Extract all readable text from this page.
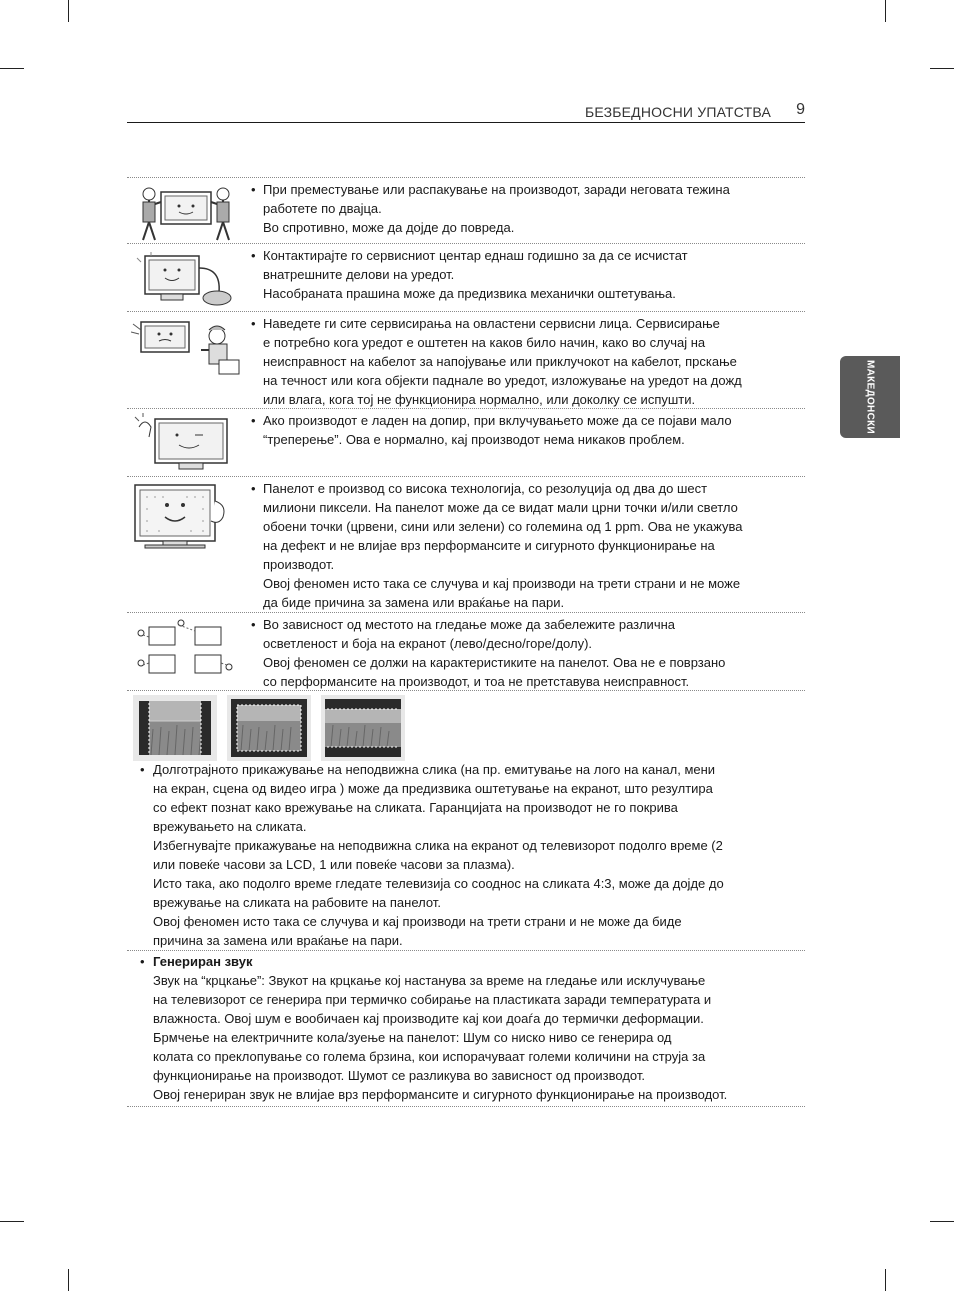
БЕЗБЕДНОСНИ УПАТСТВА 9
МАКЕДОНСКИ
• При преместување или распакување на производот, заради неговата тежина

работете по двајца.

Во спротивно, може да дојде до повреда.

• Контактирајте го сервисниот центар еднаш годишно за да се исчистат

внатрешните делови на уредот.

Насобраната прашина може да предизвика механички оштетувања.

• Наведете ги сите сервисирања на овластени сервисни лица. Сервисирање

е потребно кога уредот е оштетен на каков било начин, како во случај на

неисправност на кабелот за напојување или приклучокот на кабелот, прскање

на течност или кога објекти паднале во уредот, изложување на уредот на дожд

или влага, кога тој не функционира нормално, или доколку се испушти.

• Ако производот е ладен на допир, при вклучувањето може да се појави мало

“треперење”. Ова е нормално, кај производот нема никаков проблем.

• Панелот е производ со висока технологија, со резолуција од два до шест

милиони пиксели. На панелот може да се видат мали црни точки и/или светло

обоени точки (црвени, сини или зелени) со големина од 1 ppm. Ова не укажува

на дефект и не влијае врз перформансите и сигурното функционирање на

производот.

Овој феномен исто така се случува и кај производи на трети страни и не може

да биде причина за замена или враќање на пари.

• Во зависност од местото на гледање може да забележите различна

осветленост и боја на екранот (лево/десно/горе/долу).

Овој феномен се должи на карактеристиките на панелот. Ова не е поврзано

со перформансите на производот, и тоа не претставува неисправност.

• Долготрајното прикажување на неподвижна слика (на пр. емитување на лого на канал, мени

на екран, сцена од видео игра ) може да предизвика оштетување на екранот, што резултира

со ефект познат како врежување на сликата. Гаранцијата на производот не го покрива

врежувањето на сликата.

Избегнувајте прикажување на неподвижна слика на екранот од телевизорот подолго време (2

или повеќе часови за LCD, 1 или повеќе часови за плазма).

Исто така, ако подолго време гледате телевизија со сооднос на сликата 4:3, може да дојде до

врежување на сликата на рабовите на панелот.

Овој феномен исто така се случува и кај производи на трети страни и не може да биде

причина за замена или враќање на пари.

• Генериран звук

Звук на “крцкање”: Звукот на крцкање кој настанува за време на гледање или исклучување

на телевизорот се генерира при термичко собирање на пластиката заради температурата и

влажноста. Овој шум е вообичаен кај производите кај кои доаѓа до термички деформации.

Брмчење на електричните кола/зуење на панелот: Шум со ниско ниво се генерира од

колата со преклопување со голема брзина, кои испорачуваат големи количини на струја за

функционирање на производот. Шумот се разликува во зависност од производот.

Овој генериран звук не влијае врз перформансите и сигурното функционирање на производот.
